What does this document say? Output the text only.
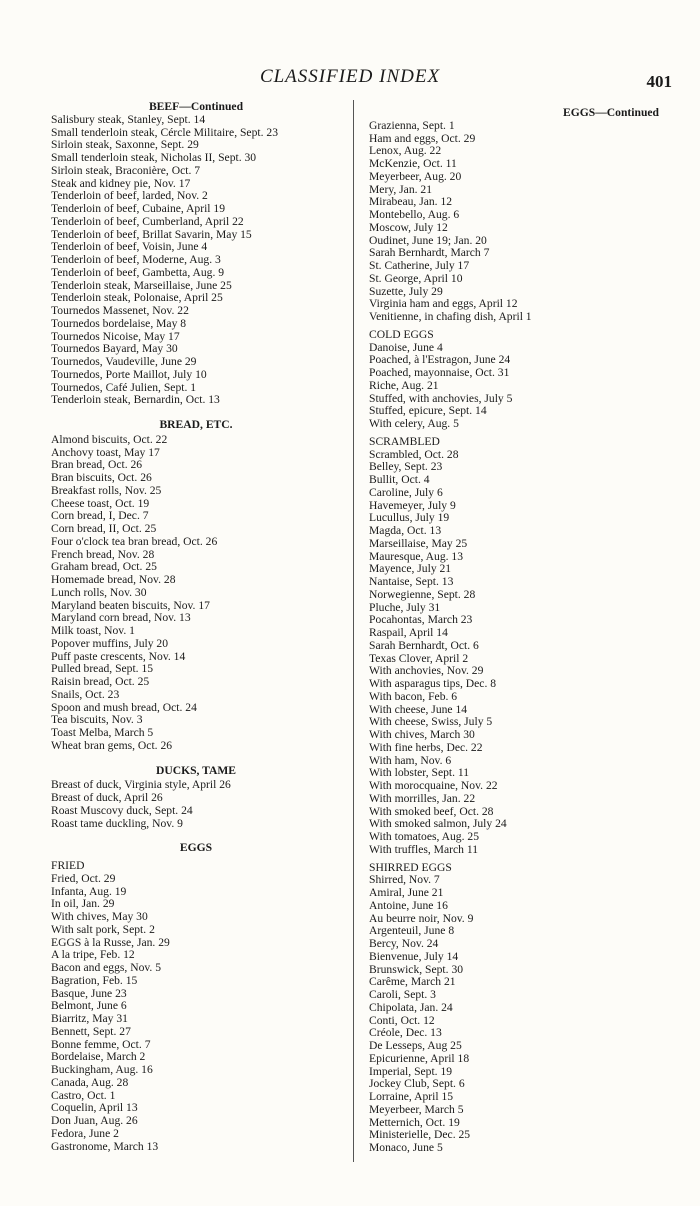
CLASSIFIED INDEX	401
BEEF—Continued
Salisbury steak, Stanley, Sept. 14
Small tenderloin steak, Cércle Militaire, Sept. 23
Sirloin steak, Saxonne, Sept. 29
Small tenderloin steak, Nicholas II, Sept. 30
Sirloin steak, Braconière, Oct. 7
Steak and kidney pie, Nov. 17
Tenderloin of beef, larded, Nov. 2
Tenderloin of beef, Cubaine, April 19
Tenderloin of beef, Cumberland, April 22
Tenderloin of beef, Brillat Savarin, May 15
Tenderloin of beef, Voisin, June 4
Tenderloin of beef, Moderne, Aug. 3
Tenderloin of beef, Gambetta, Aug. 9
Tenderloin steak, Marseillaise, June 25
Tenderloin steak, Polonaise, April 25
Tournedos Massenet, Nov. 22
Tournedos bordelaise, May 8
Tournedos Nicoise, May 17
Tournedos Bayard, May 30
Tournedos, Vaudeville, June 29
Tournedos, Porte Maillot, July 10
Tournedos, Café Julien, Sept. 1
Tenderloin steak, Bernardin, Oct. 13
BREAD, ETC.
Almond biscuits, Oct. 22
Anchovy toast, May 17
Bran bread, Oct. 26
Bran biscuits, Oct. 26
Breakfast rolls, Nov. 25
Cheese toast, Oct. 19
Corn bread, I, Dec. 7
Corn bread, II, Oct. 25
Four o'clock tea bran bread, Oct. 26
French bread, Nov. 28
Graham bread, Oct. 25
Homemade bread, Nov. 28
Lunch rolls, Nov. 30
Maryland beaten biscuits, Nov. 17
Maryland corn bread, Nov. 13
Milk toast, Nov. 1
Popover muffins, July 20
Puff paste crescents, Nov. 14
Pulled bread, Sept. 15
Raisin bread, Oct. 25
Snails, Oct. 23
Spoon and mush bread, Oct. 24
Tea biscuits, Nov. 3
Toast Melba, March 5
Wheat bran gems, Oct. 26
DUCKS, TAME
Breast of duck, Virginia style, April 26
Breast of duck, April 26
Roast Muscovy duck, Sept. 24
Roast tame duckling, Nov. 9
EGGS
FRIED
Fried, Oct. 29
Infanta, Aug. 19
In oil, Jan. 29
With chives, May 30
With salt pork, Sept. 2
EGGS à la Russe, Jan. 29
A la tripe, Feb. 12
Bacon and eggs, Nov. 5
Bagration, Feb. 15
Basque, June 23
Belmont, June 6
Biarritz, May 31
Bennett, Sept. 27
Bonne femme, Oct. 7
Bordelaise, March 2
Buckingham, Aug. 16
Canada, Aug. 28
Castro, Oct. 1
Coquelin, April 13
Don Juan, Aug. 26
Fedora, June 2
Gastronome, March 13
EGGS—Continued
Grazienna, Sept. 1
Ham and eggs, Oct. 29
Lenox, Aug. 22
McKenzie, Oct. 11
Meyerbeer, Aug. 20
Mery, Jan. 21
Mirabeau, Jan. 12
Montebello, Aug. 6
Moscow, July 12
Oudinet, June 19; Jan. 20
Sarah Bernhardt, March 7
St. Catherine, July 17
St. George, April 10
Suzette, July 29
Virginia ham and eggs, April 12
Venitienne, in chafing dish, April 1
COLD EGGS
Danoise, June 4
Poached, à l'Estragon, June 24
Poached, mayonnaise, Oct. 31
Riche, Aug. 21
Stuffed, with anchovies, July 5
Stuffed, epicure, Sept. 14
With celery, Aug. 5
SCRAMBLED
Scrambled, Oct. 28
Belley, Sept. 23
Bullit, Oct. 4
Caroline, July 6
Havemeyer, July 9
Lucullus, July 19
Magda, Oct. 13
Marseillaise, May 25
Mauresque, Aug. 13
Mayence, July 21
Nantaise, Sept. 13
Norwegienne, Sept. 28
Pluche, July 31
Pocahontas, March 23
Raspail, April 14
Sarah Bernhardt, Oct. 6
Texas Clover, April 2
With anchovies, Nov. 29
With asparagus tips, Dec. 8
With bacon, Feb. 6
With cheese, June 14
With cheese, Swiss, July 5
With chives, March 30
With fine herbs, Dec. 22
With ham, Nov. 6
With lobster, Sept. 11
With morocquaine, Nov. 22
With morrilles, Jan. 22
With smoked beef, Oct. 28
With smoked salmon, July 24
With tomatoes, Aug. 25
With truffles, March 11
SHIRRED EGGS
Shirred, Nov. 7
Amiral, June 21
Antoine, June 16
Au beurre noir, Nov. 9
Argenteuil, June 8
Bercy, Nov. 24
Bienvenue, July 14
Brunswick, Sept. 30
Carême, March 21
Caroli, Sept. 3
Chipolata, Jan. 24
Conti, Oct. 12
Créole, Dec. 13
De Lesseps, Aug 25
Epicurienne, April 18
Imperial, Sept. 19
Jockey Club, Sept. 6
Lorraine, April 15
Meyerbeer, March 5
Metternich, Oct. 19
Ministerielle, Dec. 25
Monaco, June 5
